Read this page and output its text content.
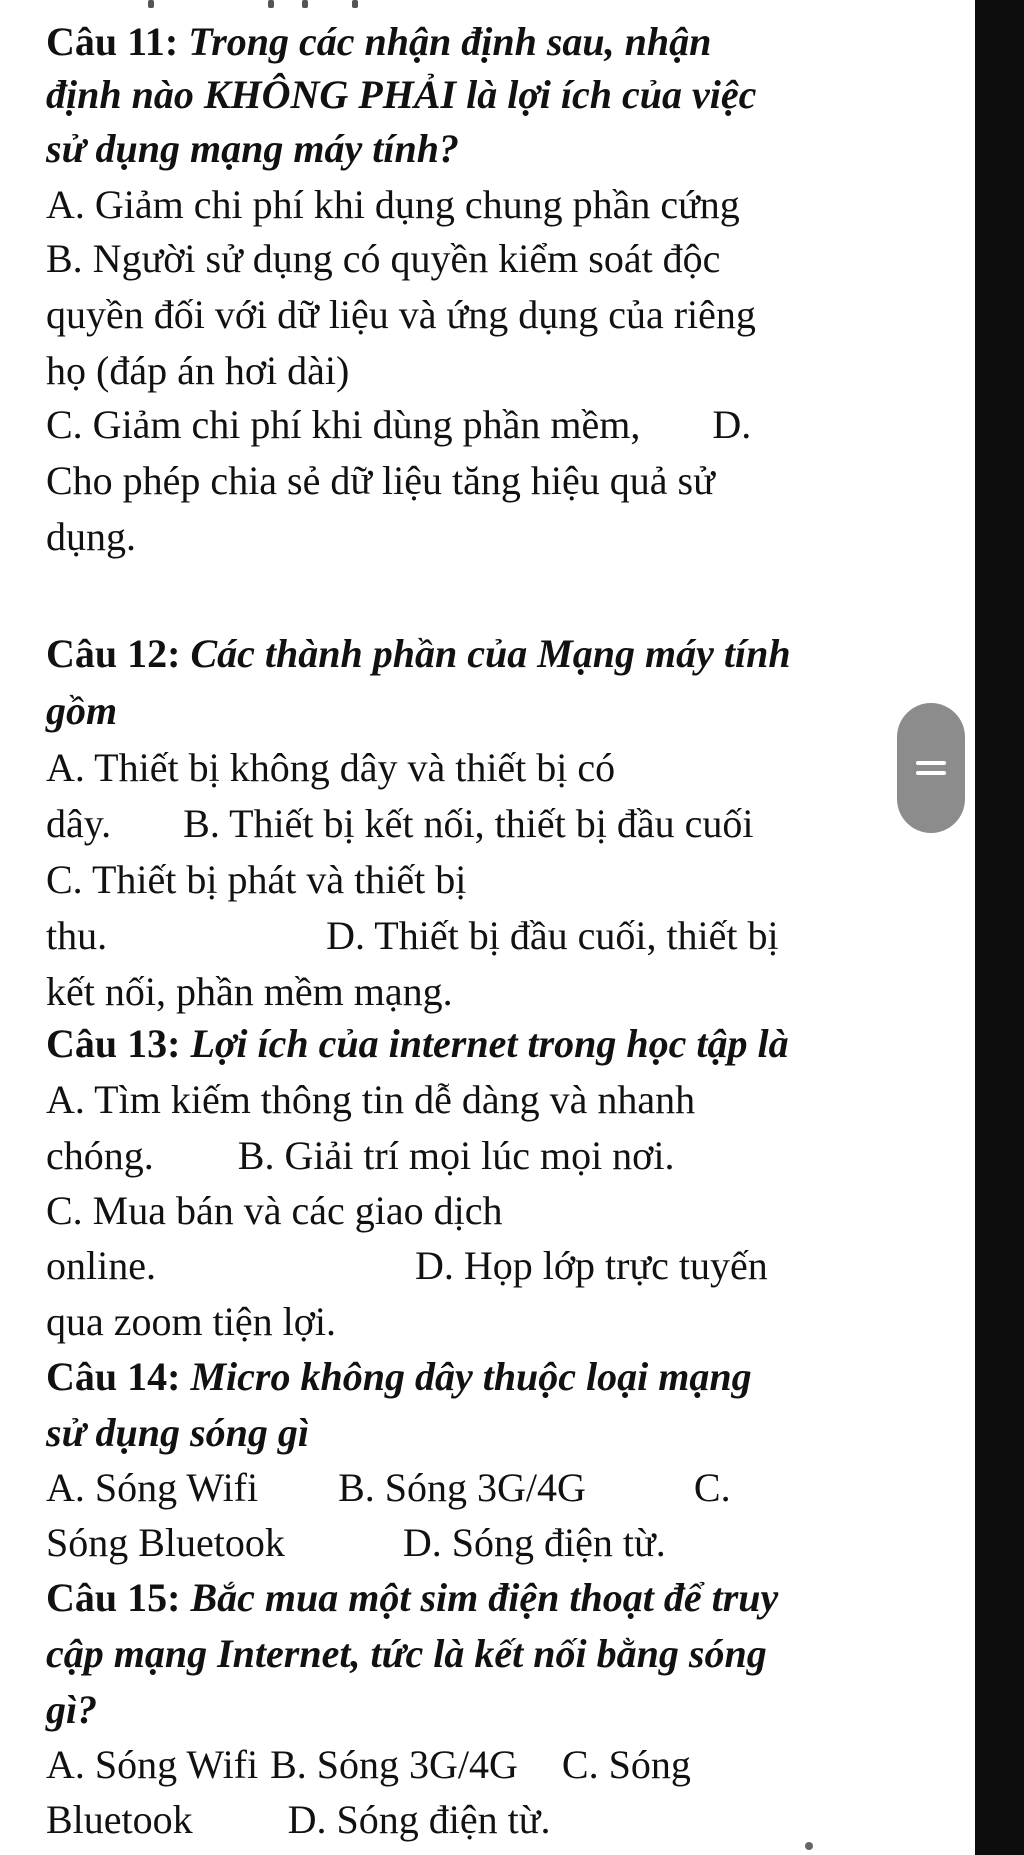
Câu 11: Trong các nhận định sau, nhận
định nào KHÔNG PHẢI là lợi ích của việc
sử dụng mạng máy tính?
A. Giảm chi phí khi dụng chung phần cứng
B. Người sử dụng có quyền kiểm soát độc
quyền đối với dữ liệu và ứng dụng của riêng
họ (đáp án hơi dài)
C. Giảm chi phí khi dùng phần mềm, D.
Cho phép chia sẻ dữ liệu tăng hiệu quả sử
dụng.
Câu 12: Các thành phần của Mạng máy tính
gồm
A. Thiết bị không dây và thiết bị có
dây. B. Thiết bị kết nối, thiết bị đầu cuối
C. Thiết bị phát và thiết bị
thu.	D. Thiết bị đầu cuối, thiết bị
kết nối, phần mềm mạng.
Câu 13: Lợi ích của internet trong học tập là
A. Tìm kiếm thông tin dễ dàng và nhanh
chóng. B. Giải trí mọi lúc mọi nơi.
C. Mua bán và các giao dịch
online.	D. Họp lớp trực tuyến
qua zoom tiện lợi.
Câu 14: Micro không dây thuộc loại mạng
sử dụng sóng gì
A. Sóng Wifi B. Sóng 3G/4G	C.
Sóng Bluetook	D. Sóng điện từ.
Câu 15: Bắc mua một sim điện thoạt để truy
cập mạng Internet, tức là kết nối bằng sóng
gì?
A. Sóng Wifi B. Sóng 3G/4G C. Sóng
Bluetook D. Sóng điện từ.
